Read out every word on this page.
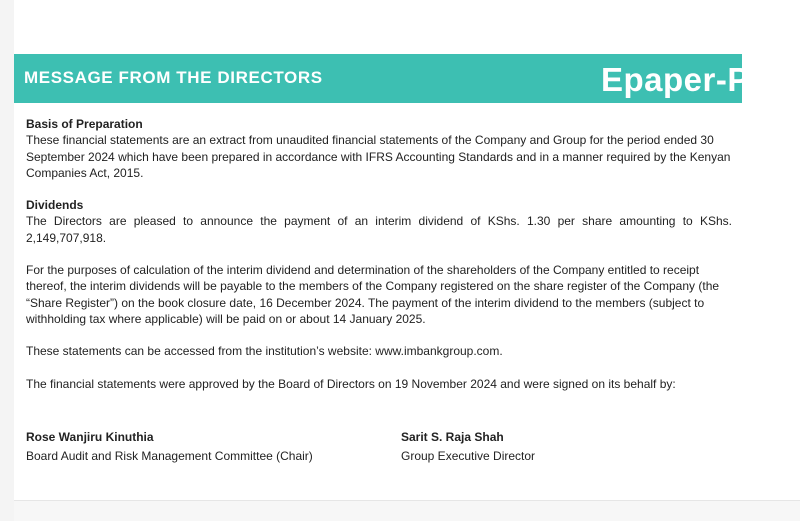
MESSAGE FROM THE DIRECTORS	Epaper-P

Basis of Preparation

These financial statements are an extract from unaudited financial statements of the Company and Group for the period ended 30 September 2024 which have been prepared in accordance with IFRS Accounting Standards and in a manner required by the Kenyan Companies Act, 2015.

Dividends

The Directors are pleased to announce the payment of an interim dividend of KShs. 1.30 per share amounting to KShs. 2,149,707,918.

For the purposes of calculation of the interim dividend and determination of the shareholders of the Company entitled to receipt thereof, the interim dividends will be payable to the members of the Company registered on the share register of the Company (the “Share Register”) on the book closure date, 16 December 2024. The payment of the interim dividend to the members (subject to withholding tax where applicable) will be paid on or about 14 January 2025.

These statements can be accessed from the institution’s website: www.imbankgroup.com.

The financial statements were approved by the Board of Directors on 19 November 2024 and were signed on its behalf by:

Rose Wanjiru Kinuthia
Board Audit and Risk Management Committee (Chair)
Sarit S. Raja Shah
Group Executive Director
